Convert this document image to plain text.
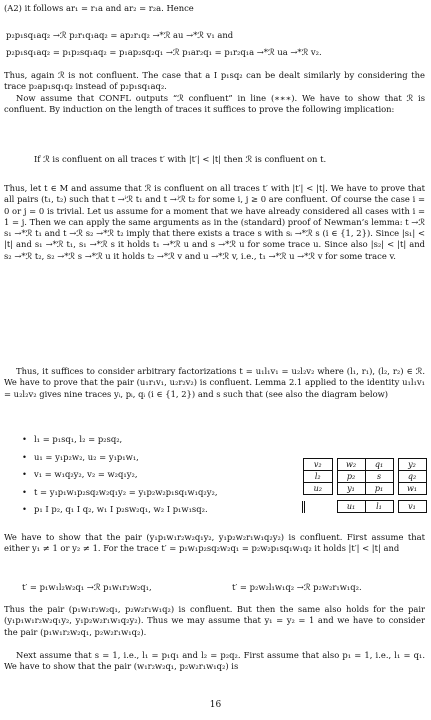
(A2) it follows ar₁ = r₁a and ar₂ = r₂a. Hence

p₂p₁sq₁aq₂ →ℛ p₂r₁q₁aq₂ = ap₂r₁q₂ →*ℛ au →*ℛ v₁ and

p₂p₁sq₁aq₂ = p₁p₂sq₁aq₂ = p₁ap₂sq₂q₁ →ℛ p₁ar₂q₁ = p₁r₂q₁a →*ℛ ua →*ℛ v₂.

Thus, again ℛ is not confluent. The case that a I p₁sq₂ can be dealt similarly by considering the trace p₂ap₁sq₁q₂ instead of p₂p₁sq₁aq₂.

Now assume that CONFL outputs “ℛ confluent” in line (∗∗∗). We have to show that ℛ is confluent. By induction on the length of traces it suffices to prove the following implication:

If ℛ is confluent on all traces t′ with |t′| < |t| then ℛ is confluent on t.

Thus, let t ∈ M and assume that ℛ is confluent on all traces t′ with |t′| < |t|. We have to prove that all pairs (t₁, t₂) such that t →ⁱℛ t₁ and t →ʲℛ t₂ for some i, j ≥ 0 are confluent. Of course the case i = 0 or j = 0 is trivial. Let us assume for a moment that we have already considered all cases with i = 1 = j. Then we can apply the same arguments as in the (standard) proof of Newman’s lemma: t →ℛ s₁ →*ℛ t₁ and t →ℛ s₂ →*ℛ t₂ imply that there exists a trace s with sᵢ →*ℛ s (i ∈ {1, 2}). Since |s₁| < |t| and s₁ →*ℛ t₁, s₁ →*ℛ s it holds t₁ →*ℛ u and s →*ℛ u for some trace u. Since also |s₂| < |t| and s₂ →*ℛ t₂, s₂ →*ℛ s →*ℛ u it holds t₂ →*ℛ v and u →*ℛ v, i.e., t₁ →*ℛ u →*ℛ v for some trace v.

Thus, it suffices to consider arbitrary factorizations t = u₁l₁v₁ = u₂l₂v₂ where (l₁, r₁), (l₂, r₂) ∈ ℛ. We have to prove that the pair (u₁r₁v₁, u₂r₂v₂) is confluent. Lemma 2.1 applied to the identity u₁l₁v₁ = u₂l₂v₂ gives nine traces yᵢ, pᵢ, qᵢ (i ∈ {1, 2}) and s such that (see also the diagram below)

• l₁ = p₁sq₁, l₂ = p₂sq₂,
• u₁ = y₁p₂w₂, u₂ = y₁p₁w₁,
• v₁ = w₁q₂y₂, v₂ = w₂q₁y₂,
• t = y₁p₁w₁p₂sq₂w₂q₁y₂ = y₁p₂w₂p₁sq₁w₁q₂y₂,
• p₁ I p₂, q₁ I q₂, w₁ I p₂sw₂q₁, w₂ I p₁w₁sq₂.
v₂		w₂	q₁		y₂
l₂		p₂	s		q₂
u₂		y₁	p₁		w₁

		u₁	l₁		v₁

We have to show that the pair (y₁p₁w₁r₂w₂q₁y₂, y₁p₂w₂r₁w₁q₂y₂) is confluent. First assume that either y₁ ≠ 1 or y₂ ≠ 1. For the trace t′ = p₁w₁p₂sq₂w₂q₁ = p₂w₂p₁sq₁w₁q₂ it holds |t′| < |t| and

t′ = p₁w₁l₂w₂q₁ →ℛ p₁w₁r₂w₂q₁,	t′ = p₂w₂l₁w₁q₂ →ℛ p₂w₂r₁w₁q₂.

Thus the pair (p₁w₁r₂w₂q₁, p₂w₂r₁w₁q₂) is confluent. But then the same also holds for the pair (y₁p₁w₁r₂w₂q₁y₂, y₁p₂w₂r₁w₁q₂y₂). Thus we may assume that y₁ = y₂ = 1 and we have to consider the pair (p₁w₁r₂w₂q₁, p₂w₂r₁w₁q₂).

Next assume that s = 1, i.e., l₁ = p₁q₁ and l₂ = p₂q₂. First assume that also p₁ = 1, i.e., l₁ = q₁. We have to show that the pair (w₁r₂w₂q₁, p₂w₂r₁w₁q₂) is

16
